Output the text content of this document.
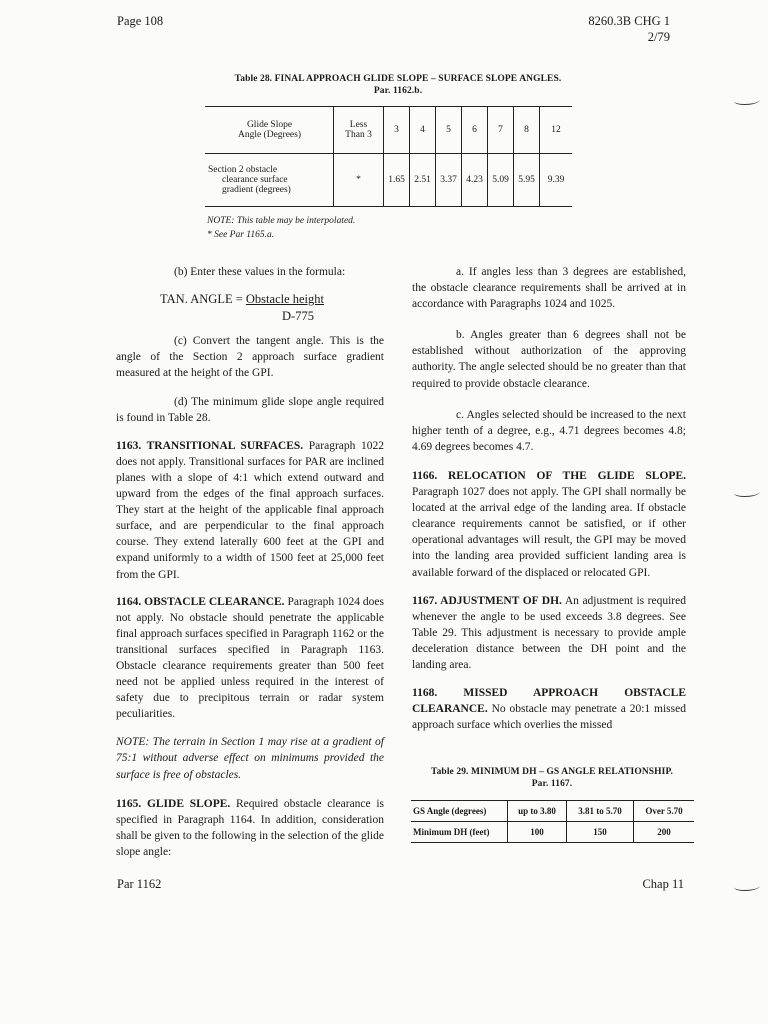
Page 108	8260.3B CHG 1
2/79
Table 28. FINAL APPROACH GLIDE SLOPE – SURFACE SLOPE ANGLES.
Par. 1162.b.
Glide Slope
Angle (Degrees)	Less
Than 3	3	4	5	6	7	8	12
Section 2 obstacle
clearance surface
gradient (degrees)	*	1.65	2.51	3.37	4.23	5.09	5.95	9.39
NOTE: This table may be interpolated.
* See Par 1165.a.

(b) Enter these values in the formula:

TAN. ANGLE = Obstacle height
D-775

(c) Convert the tangent angle. This is the angle of the Section 2 approach surface gradient measured at the height of the GPI.

(d) The minimum glide slope angle required is found in Table 28.

1163. TRANSITIONAL SURFACES. Paragraph 1022 does not apply. Transitional surfaces for PAR are inclined planes with a slope of 4:1 which extend outward and upward from the edges of the final approach surfaces. They start at the height of the applicable final approach surface, and are perpendicular to the final approach course. They extend laterally 600 feet at the GPI and expand uniformly to a width of 1500 feet at 25,000 feet from the GPI.

1164. OBSTACLE CLEARANCE. Paragraph 1024 does not apply. No obstacle should penetrate the applicable final approach surfaces specified in Paragraph 1162 or the transitional surfaces specified in Paragraph 1163. Obstacle clearance requirements greater than 500 feet need not be applied unless required in the interest of safety due to precipitous terrain or radar system peculiarities.

NOTE: The terrain in Section 1 may rise at a gradient of 75:1 without adverse effect on minimums provided the surface is free of obstacles.

1165. GLIDE SLOPE. Required obstacle clearance is specified in Paragraph 1164. In addition, consideration shall be given to the following in the selection of the glide slope angle:

a. If angles less than 3 degrees are established, the obstacle clearance requirements shall be arrived at in accordance with Paragraphs 1024 and 1025.

b. Angles greater than 6 degrees shall not be established without authorization of the approving authority. The angle selected should be no greater than that required to provide obstacle clearance.

c. Angles selected should be increased to the next higher tenth of a degree, e.g., 4.71 degrees becomes 4.8; 4.69 degrees becomes 4.7.

1166. RELOCATION OF THE GLIDE SLOPE. Paragraph 1027 does not apply. The GPI shall normally be located at the arrival edge of the landing area. If obstacle clearance requirements cannot be satisfied, or if other operational advantages will result, the GPI may be moved into the landing area provided sufficient landing area is available forward of the displaced or relocated GPI.

1167. ADJUSTMENT OF DH. An adjustment is required whenever the angle to be used exceeds 3.8 degrees. See Table 29. This adjustment is necessary to provide ample deceleration distance between the DH point and the landing area.

1168. MISSED APPROACH OBSTACLE CLEARANCE. No obstacle may penetrate a 20:1 missed approach surface which overlies the missed

Table 29. MINIMUM DH – GS ANGLE RELATIONSHIP.
Par. 1167.
GS Angle (degrees)	up to 3.80	3.81 to 5.70	Over 5.70
Minimum DH (feet)	100	150	200
Par 1162	Chap 11
